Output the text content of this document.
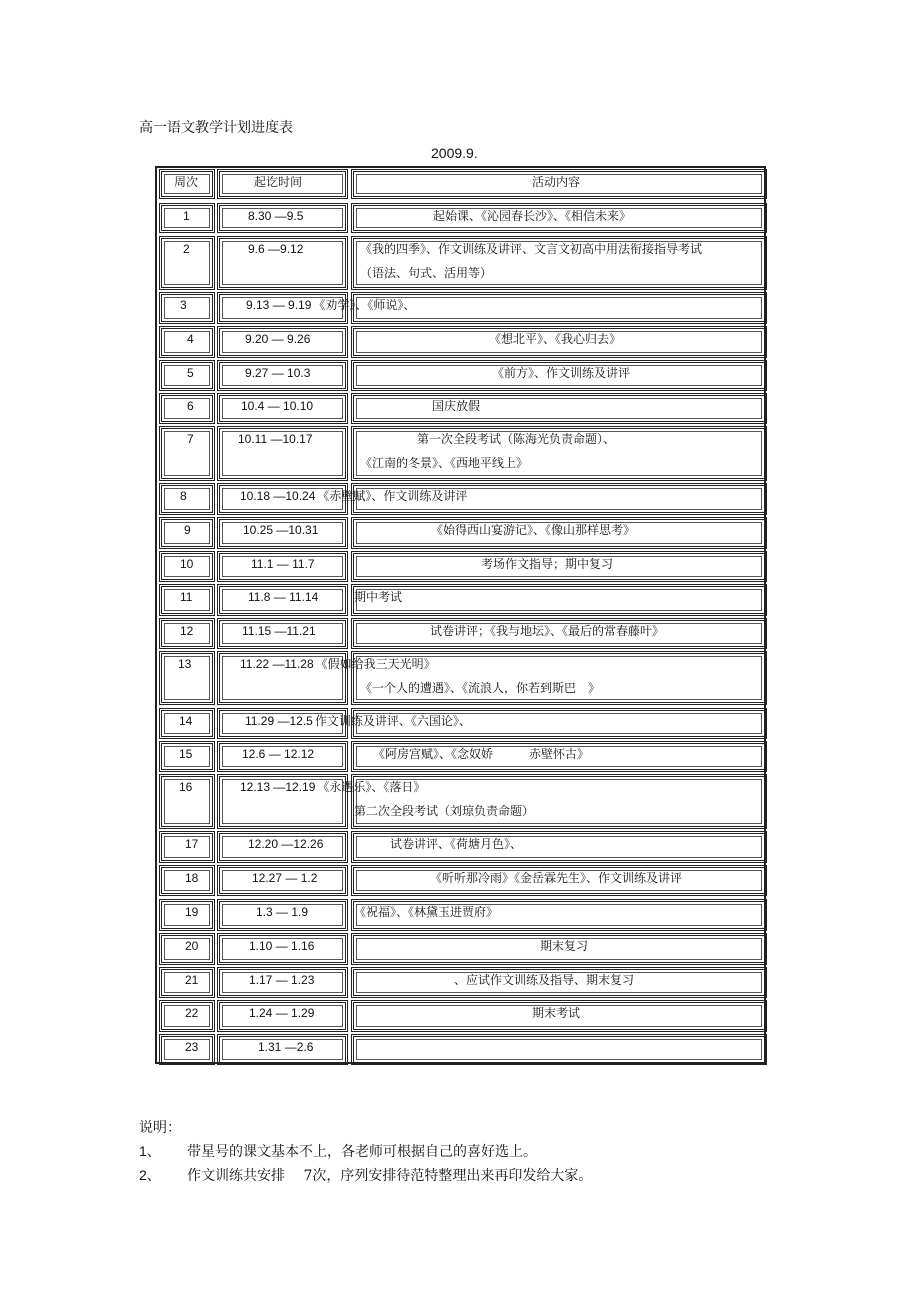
高一语文教学计划进度表
2009.9.
周次	起讫时间	活动内容
1	8.30 —9.5	起始课、《沁园春长沙》、《相信未来》
2	9.6 —9.12	《我的四季》、作文训练及讲评、文言文初高中用法衔接指导考试
（语法、句式、活用等）
3	9.13 — 9.19 《劝学》、《师说》、
4	9.20 — 9.26	《想北平》、《我心归去》
5	9.27 — 10.3	《前方》、作文训练及讲评
6	10.4 — 10.10	国庆放假
7	10.11 —10.17	第一次全段考试（陈海光负责命题）、
《江南的冬景》、《西地平线上》
8	10.18 —10.24 《赤壁赋》、作文训练及讲评
9	10.25 —10.31	《始得西山宴游记》、《像山那样思考》
10	11.1 — 11.7	考场作文指导；期中复习
11	11.8 — 11.14	期中考试
12	11.15 —11.21	试卷讲评；《我与地坛》、《最后的常春藤叶》
13	11.22 —11.28 《假如给我三天光明》
《一个人的遭遇》、《流浪人，你若到斯巴　》
14	11.29 —12.5 作文训练及讲评、《六国论》、
15	12.6 — 12.12	《阿房宫赋》、《念奴娇　　　赤壁怀古》
16	12.13 —12.19 《永遇乐》、《落日》
第二次全段考试（刘琼负责命题）
17	12.20 —12.26	试卷讲评、《荷塘月色》、
18	12.27 — 1.2	《听听那冷雨》《金岳霖先生》、作文训练及讲评
19	1.3 — 1.9	《祝福》、《林黛玉进贾府》
20	1.10 — 1.16	期末复习
21	1.17 — 1.23	、应试作文训练及指导、期末复习
22	1.24 — 1.29	期末考试
23	1.31 —2.6
说明：
1、 带星号的课文基本不上，各老师可根据自己的喜好选上。
2、 作文训练共安排　 7次，序列安排待范特整理出来再印发给大家。
